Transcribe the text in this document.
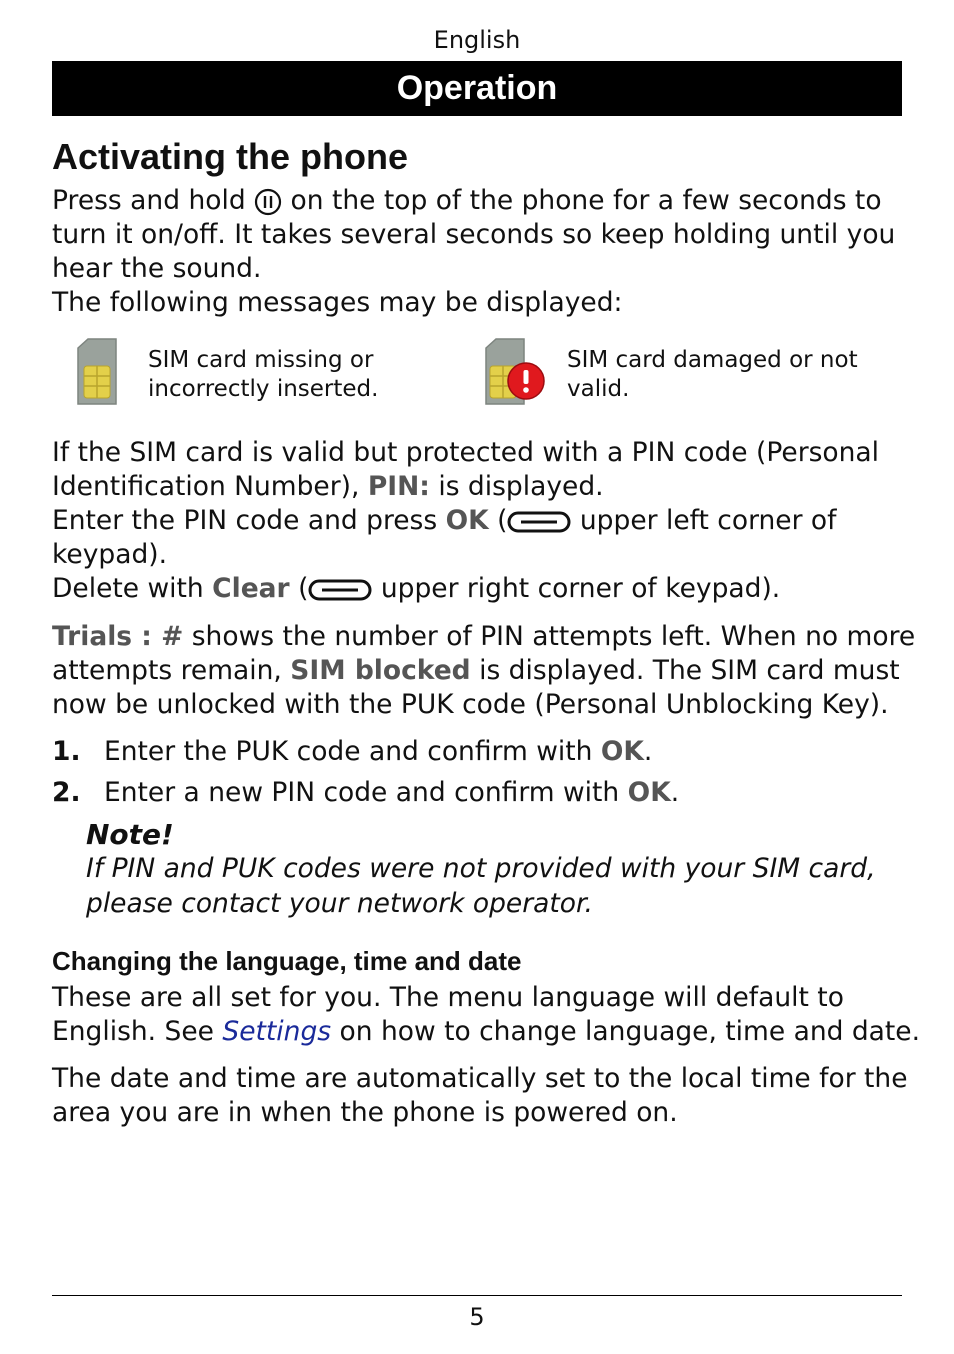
English
Operation
Activating the phone
Press and hold on the top of the phone for a few seconds to
turn it on/off. It takes several seconds so keep holding until you
hear the sound.
The following messages may be displayed:
SIM card missing or
incorrectly inserted.
SIM card damaged or not
valid.
If the SIM card is valid but protected with a PIN code (Personal
Identification Number), PIN: is displayed.
Enter the PIN code and press OK (	upper left corner of
keypad).
Delete with Clear (	upper right corner of keypad).
Trials : # shows the number of PIN attempts left. When no more
attempts remain, SIM blocked is displayed. The SIM card must
now be unlocked with the PUK code (Personal Unblocking Key).
1. Enter the PUK code and confirm with OK.
2. Enter a new PIN code and confirm with OK.
Note!
If PIN and PUK codes were not provided with your SIM card,
please contact your network operator.
Changing the language, time and date
These are all set for you. The menu language will default to
English. See Settings on how to change language, time and date.
The date and time are automatically set to the local time for the
area you are in when the phone is powered on.
5
